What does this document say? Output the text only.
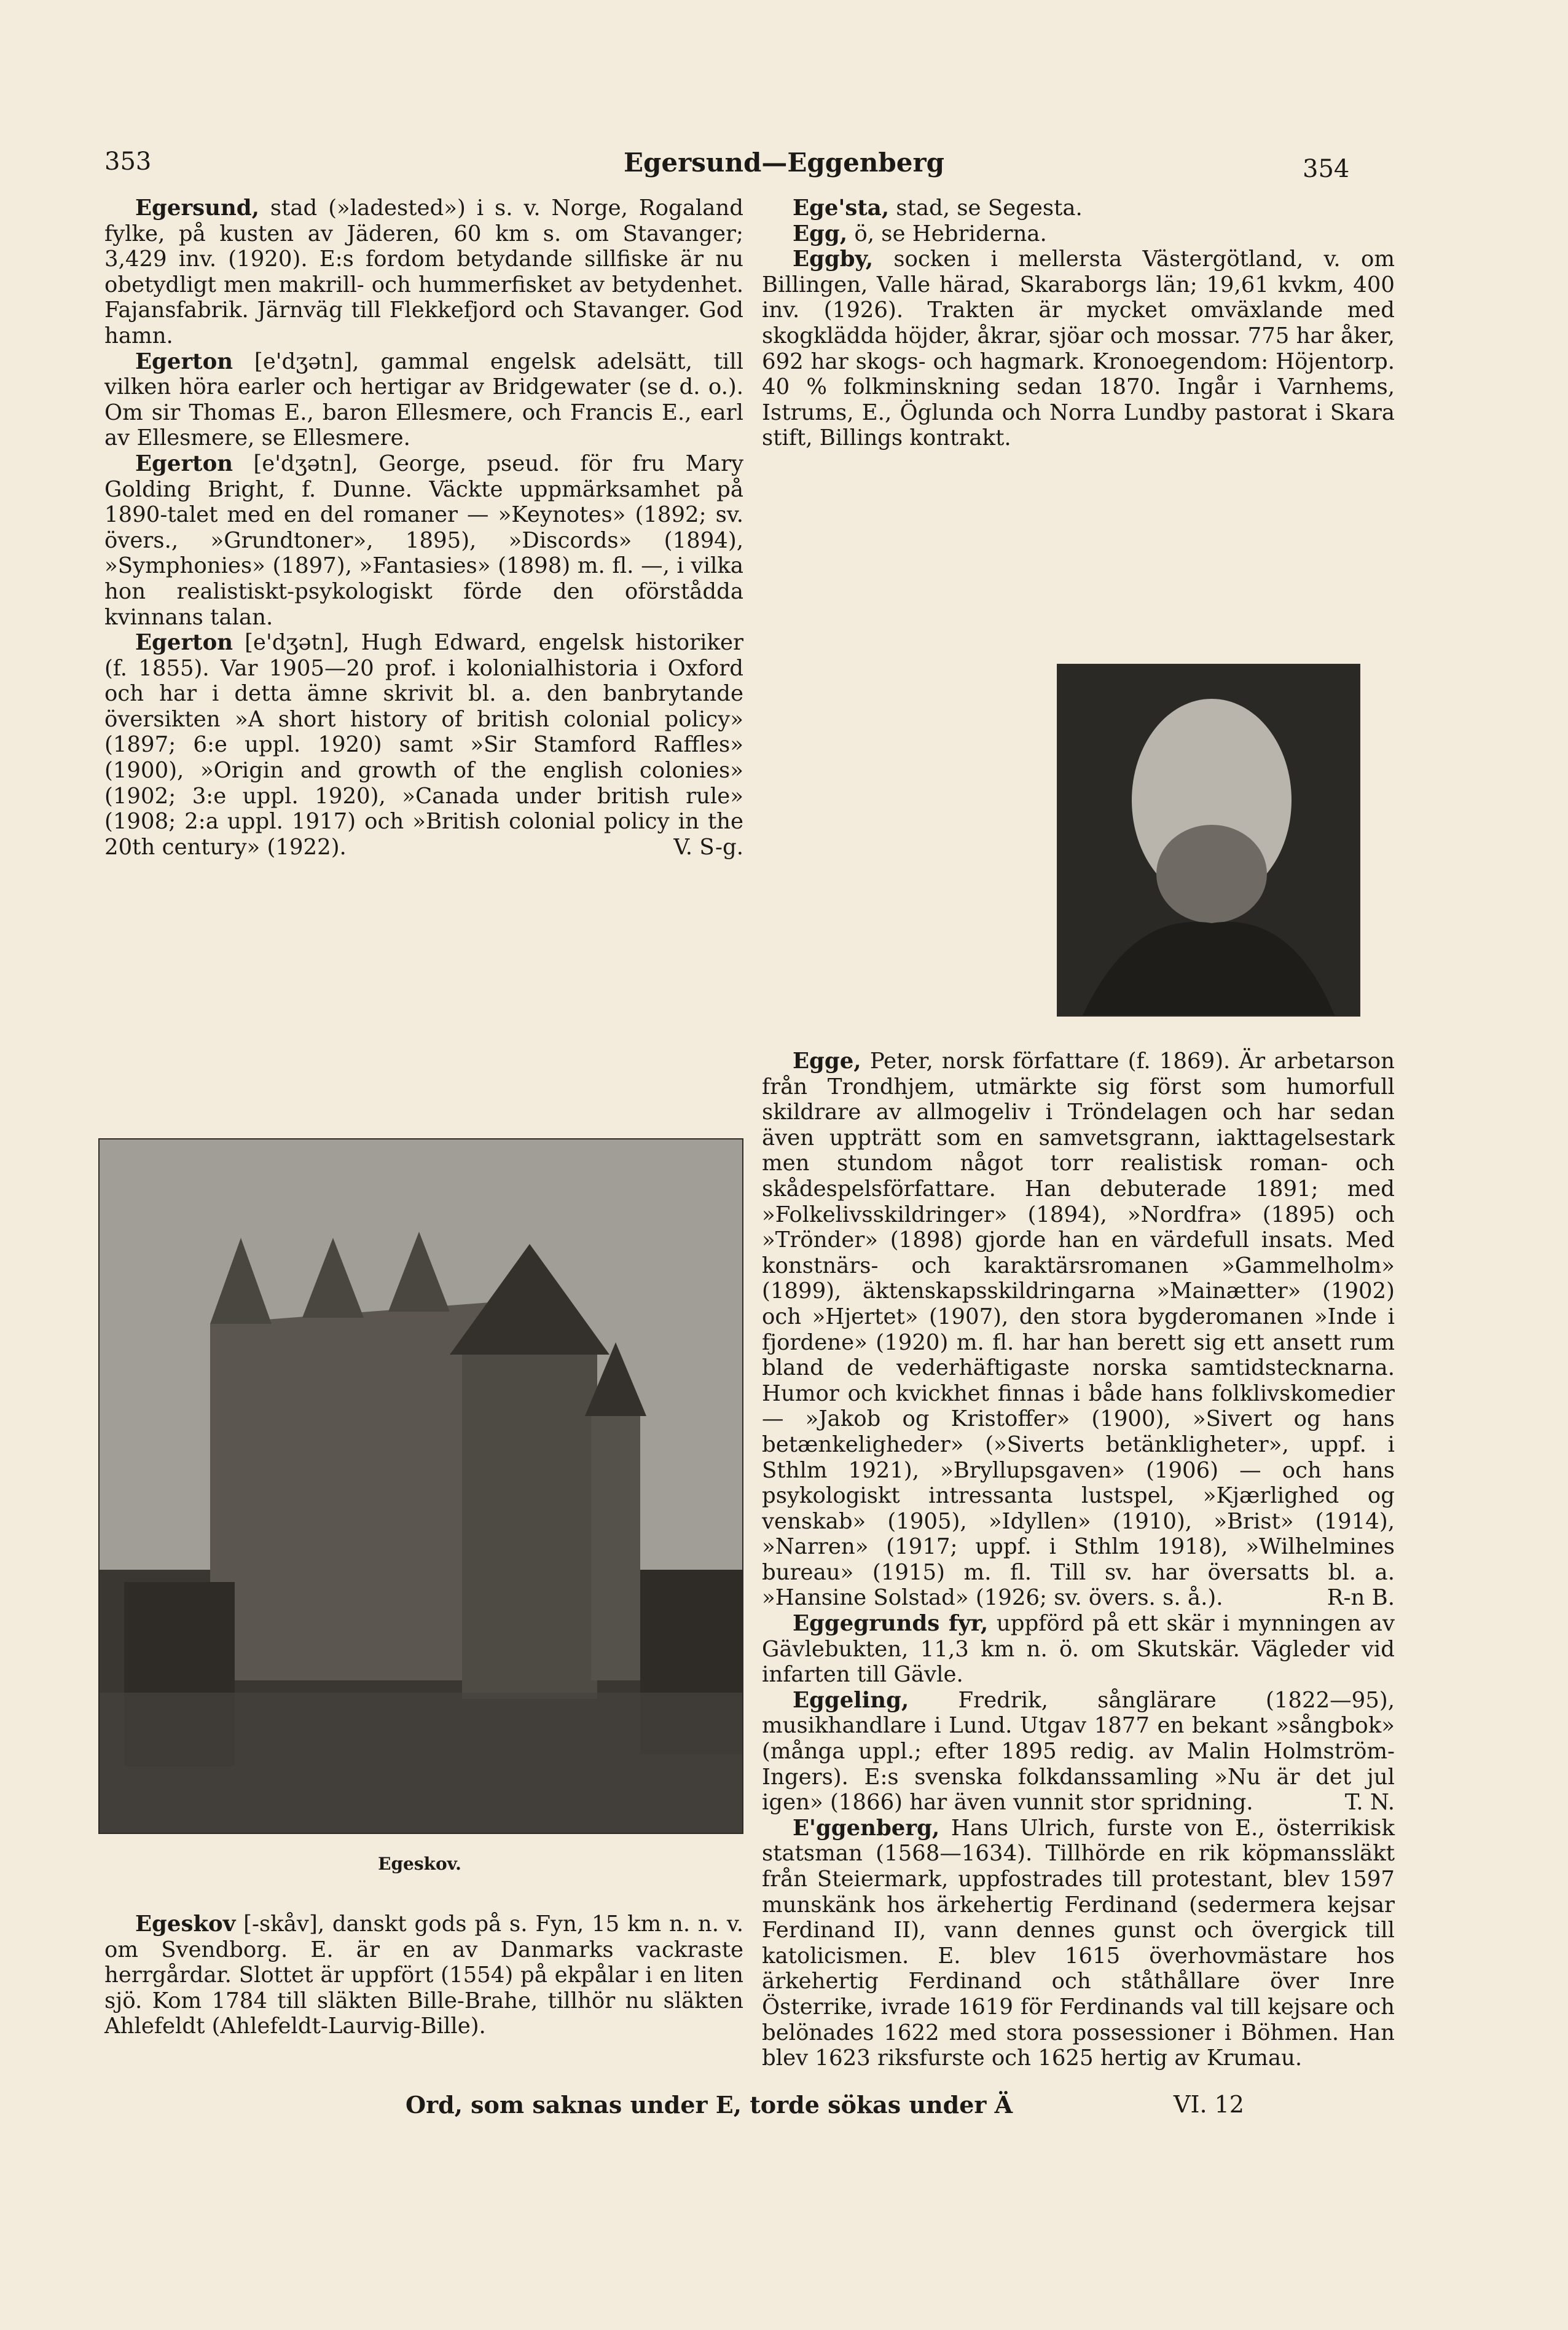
353	Egersund—Eggenberg	354

Egersund, stad (»ladested») i s. v. Norge, Rogaland fylke, på kusten av Jäderen, 60 km s. om Stavanger; 3,429 inv. (1920). E:s fordom betydande sillfiske är nu obetydligt men makrill- och hummerfisket av betydenhet. Fajansfabrik. Järnväg till Flekkefjord och Stavanger. God hamn.

Egerton [e'dʒətn], gammal engelsk adelsätt, till vilken höra earler och hertigar av Bridgewater (se d. o.). Om sir Thomas E., baron Ellesmere, och Francis E., earl av Ellesmere, se Ellesmere.

Egerton [e'dʒətn], George, pseud. för fru Mary Golding Bright, f. Dunne. Väckte uppmärksamhet på 1890-talet med en del romaner — »Keynotes» (1892; sv. övers., »Grundtoner», 1895), »Discords» (1894), »Symphonies» (1897), »Fantasies» (1898) m. fl. —, i vilka hon realistiskt-psykologiskt förde den oförstådda kvinnans talan.

Egerton [e'dʒətn], Hugh Edward, engelsk historiker (f. 1855). Var 1905—20 prof. i kolonialhistoria i Oxford och har i detta ämne skrivit bl. a. den banbrytande översikten »A short history of british colonial policy» (1897; 6:e uppl. 1920) samt »Sir Stamford Raffles» (1900), »Origin and growth of the english colonies» (1902; 3:e uppl. 1920), »Canada under british rule» (1908; 2:a uppl. 1917) och »British colonial policy in the 20th century» (1922).	V. S-g.

Egeskov.

Egeskov [-skåv], danskt gods på s. Fyn, 15 km n. n. v. om Svendborg. E. är en av Danmarks vackraste herrgårdar. Slottet är uppfört (1554) på ekpålar i en liten sjö. Kom 1784 till släkten Bille-Brahe, tillhör nu släkten Ahlefeldt (Ahlefeldt-Laurvig-Bille).

Ege'sta, stad, se Segesta.

Egg, ö, se Hebriderna.

Eggby, socken i mellersta Västergötland, v. om Billingen, Valle härad, Skaraborgs län; 19,61 kvkm, 400 inv. (1926). Trakten är mycket omväxlande med skogklädda höjder, åkrar, sjöar och mossar. 775 har åker, 692 har skogs- och hagmark. Kronoegendom: Höjentorp. 40 % folkminskning sedan 1870. Ingår i Varnhems, Istrums, E., Öglunda och Norra Lundby pastorat i Skara stift, Billings kontrakt.

Egge, Peter, norsk författare (f. 1869). Är arbetarson från Trondhjem, utmärkte sig först som humorfull skildrare av allmogeliv i Tröndelagen och har sedan även uppträtt som en samvetsgrann, iakttagelsestark men stundom något torr realistisk roman- och skådespelsförfattare. Han debuterade 1891; med »Folkelivsskildringer» (1894), »Nordfra» (1895) och »Trönder» (1898) gjorde han en värdefull insats. Med konstnärs- och karaktärsromanen »Gammelholm» (1899), äktenskapsskildringarna »Mainætter» (1902) och »Hjertet» (1907), den stora bygderomanen »Inde i fjordene» (1920) m. fl. har han berett sig ett ansett rum bland de vederhäftigaste norska samtidstecknarna. Humor och kvickhet finnas i både hans folklivskomedier — »Jakob og Kristoffer» (1900), »Sivert og hans betænkeligheder» (»Siverts betänkligheter», uppf. i Sthlm 1921), »Bryllupsgaven» (1906) — och hans psykologiskt intressanta lustspel, »Kjærlighed og venskab» (1905), »Idyllen» (1910), »Brist» (1914), »Narren» (1917; uppf. i Sthlm 1918), »Wilhelmines bureau» (1915) m. fl. Till sv. har översatts bl. a. »Hansine Solstad» (1926; sv. övers. s. å.).	R-n B.

Eggegrunds fyr, uppförd på ett skär i mynningen av Gävlebukten, 11,3 km n. ö. om Skutskär. Vägleder vid infarten till Gävle.

Eggeling, Fredrik, sånglärare (1822—95), musikhandlare i Lund. Utgav 1877 en bekant »sångbok» (många uppl.; efter 1895 redig. av Malin Holmström-Ingers). E:s svenska folkdanssamling »Nu är det jul igen» (1866) har även vunnit stor spridning.	T. N.

E'ggenberg, Hans Ulrich, furste von E., österrikisk statsman (1568—1634). Tillhörde en rik köpmanssläkt från Steiermark, uppfostrades till protestant, blev 1597 munskänk hos ärkehertig Ferdinand (sedermera kejsar Ferdinand II), vann dennes gunst och övergick till katolicismen. E. blev 1615 överhovmästare hos ärkehertig Ferdinand och ståthållare över Inre Österrike, ivrade 1619 för Ferdinands val till kejsare och belönades 1622 med stora possessioner i Böhmen. Han blev 1623 riksfurste och 1625 hertig av Krumau.

Ord, som saknas under E, torde sökas under Ä	VI. 12
